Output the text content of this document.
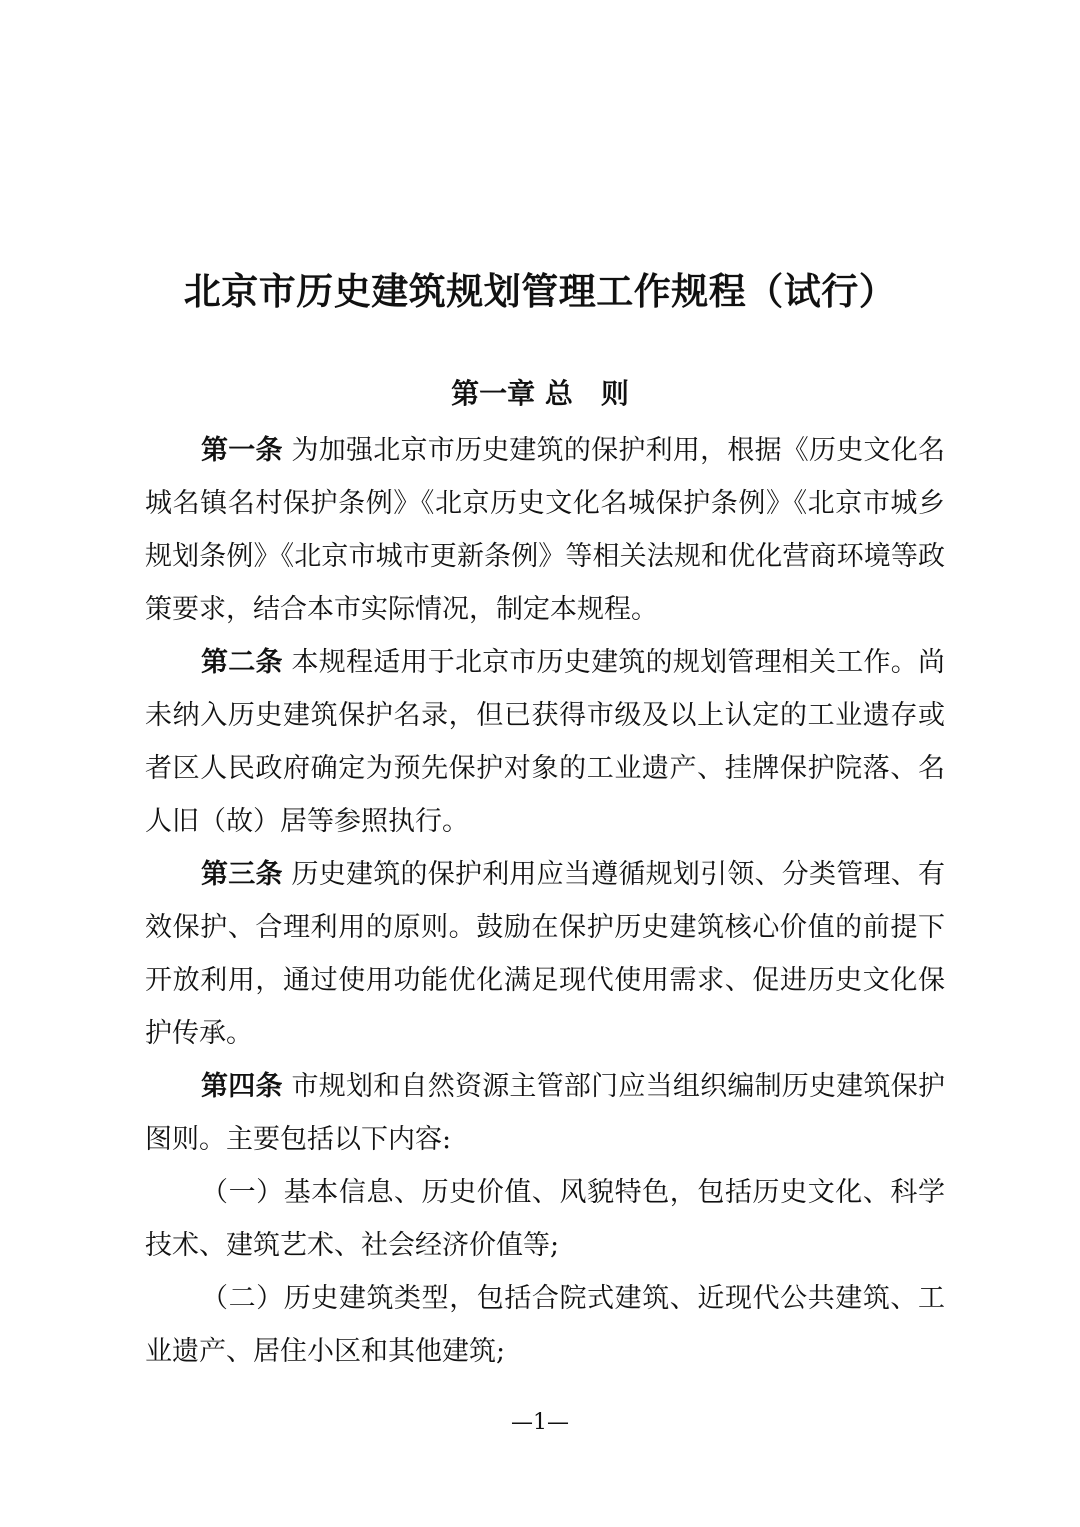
北京市历史建筑规划管理工作规程（试行）
第一章 总　则

第一条 为加强北京市历史建筑的保护利用，根据《历史文化名城名镇名村保护条例》《北京历史文化名城保护条例》《北京市城乡规划条例》《北京市城市更新条例》等相关法规和优化营商环境等政策要求，结合本市实际情况，制定本规程。

第二条 本规程适用于北京市历史建筑的规划管理相关工作。尚未纳入历史建筑保护名录，但已获得市级及以上认定的工业遗存或者区人民政府确定为预先保护对象的工业遗产、挂牌保护院落、名人旧（故）居等参照执行。

第三条 历史建筑的保护利用应当遵循规划引领、分类管理、有效保护、合理利用的原则。鼓励在保护历史建筑核心价值的前提下开放利用，通过使用功能优化满足现代使用需求、促进历史文化保护传承。

第四条 市规划和自然资源主管部门应当组织编制历史建筑保护图则。主要包括以下内容:

（一）基本信息、历史价值、风貌特色，包括历史文化、科学技术、建筑艺术、社会经济价值等;

（二）历史建筑类型，包括合院式建筑、近现代公共建筑、工业遗产、居住小区和其他建筑;

—1—
